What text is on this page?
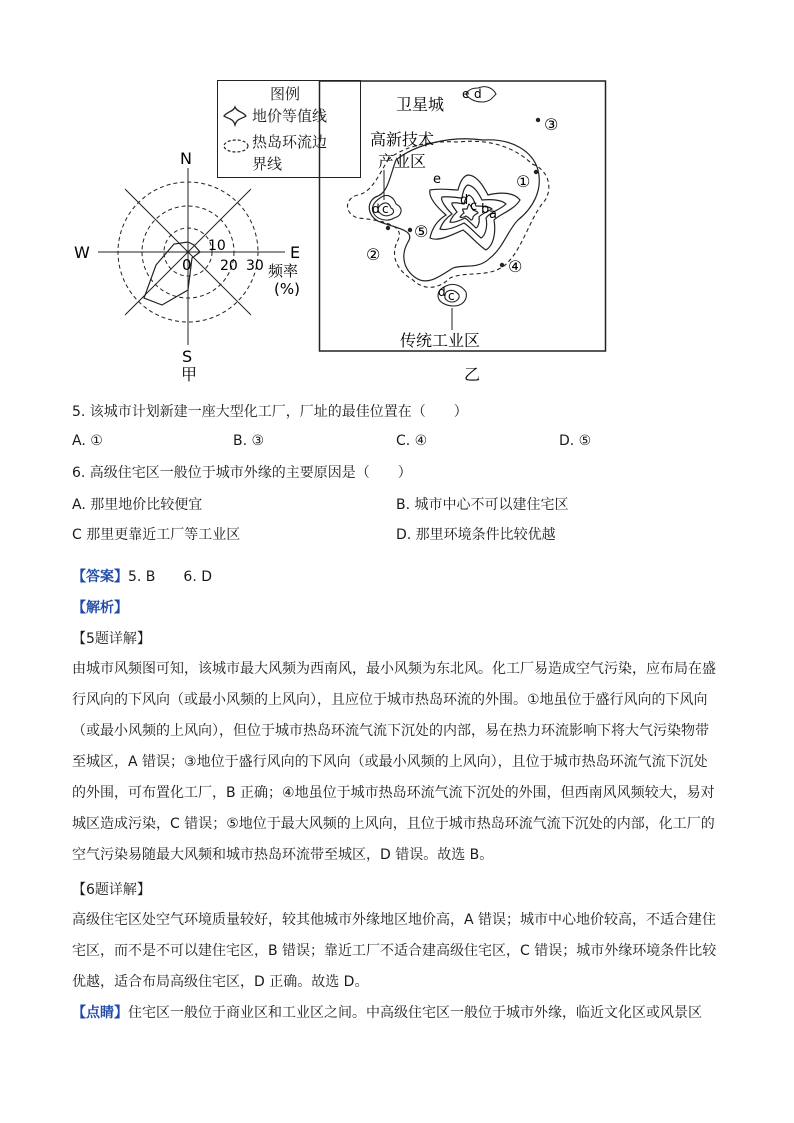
N
S
W	E
0
10
20 30 频率
(%)
甲
图例
地价等值线
热岛环流边
界线
卫星城
e d
③
高新技术
产业区
e	①
d c b a
d c
⑤
②
④
d c
传统工业区
乙
5. 该城市计划新建一座大型化工厂，厂址的最佳位置在（　　）
A. ①	B. ③	C. ④	D. ⑤
6. 高级住宅区一般位于城市外缘的主要原因是（　　）
A. 那里地价比较便宜	B. 城市中心不可以建住宅区
C 那里更靠近工厂等工业区	D. 那里环境条件比较优越
【答案】5. B　　6. D
【解析】
【5题详解】
由城市风频图可知，该城市最大风频为西南风，最小风频为东北风。化工厂易造成空气污染，应布局在盛
行风向的下风向（或最小风频的上风向），且应位于城市热岛环流的外围。①地虽位于盛行风向的下风向
（或最小风频的上风向），但位于城市热岛环流气流下沉处的内部，易在热力环流影响下将大气污染物带
至城区，A 错误；③地位于盛行风向的下风向（或最小风频的上风向），且位于城市热岛环流气流下沉处
的外围，可布置化工厂，B 正确；④地虽位于城市热岛环流气流下沉处的外围，但西南风风频较大，易对
城区造成污染，C 错误；⑤地位于最大风频的上风向，且位于城市热岛环流气流下沉处的内部，化工厂的
空气污染易随最大风频和城市热岛环流带至城区，D 错误。故选 B。
【6题详解】
高级住宅区处空气环境质量较好，较其他城市外缘地区地价高，A 错误；城市中心地价较高，不适合建住
宅区，而不是不可以建住宅区，B 错误；靠近工厂不适合建高级住宅区，C 错误；城市外缘环境条件比较
优越，适合布局高级住宅区，D 正确。故选 D。
【点睛】住宅区一般位于商业区和工业区之间。中高级住宅区一般位于城市外缘，临近文化区或风景区
